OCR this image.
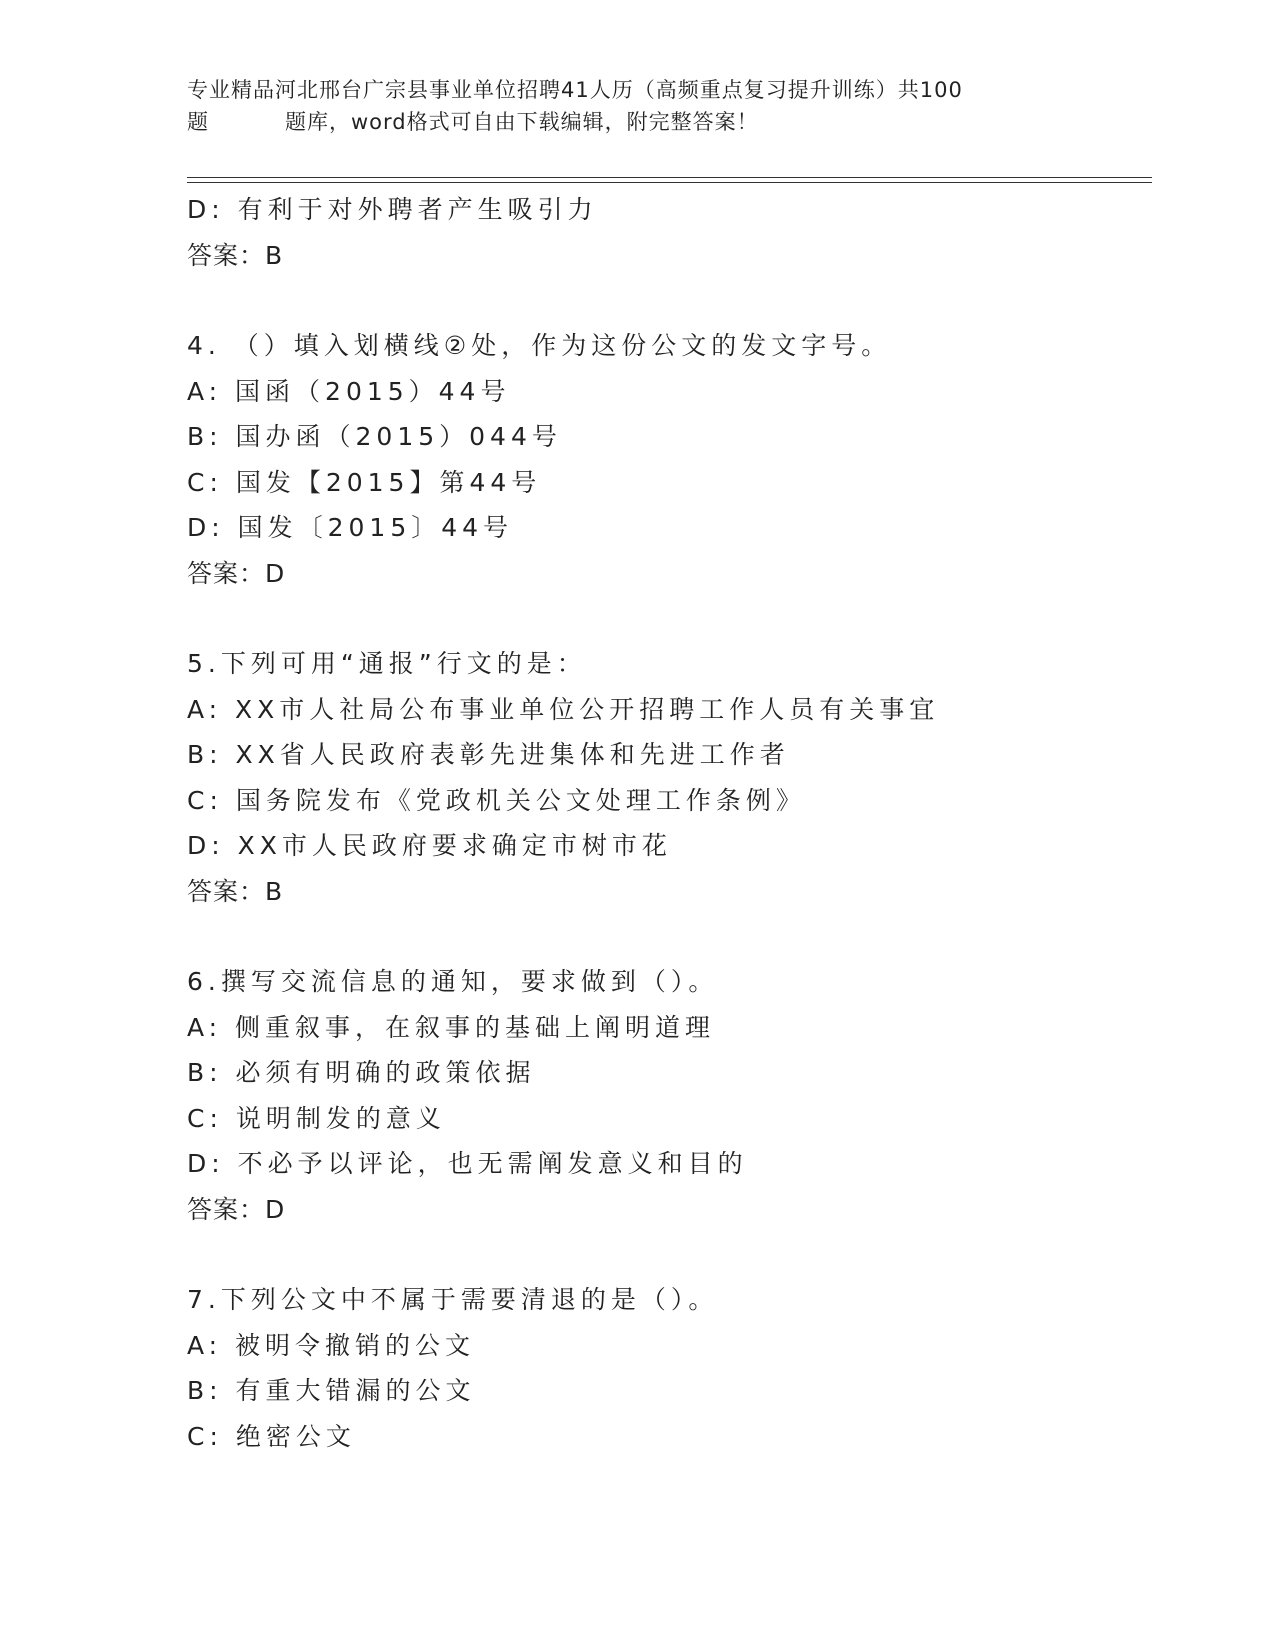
专业精品河北邢台广宗县事业单位招聘41人历（高频重点复习提升训练）共100
题	题库，word格式可自由下载编辑，附完整答案！
D: 有利于对外聘者产生吸引力
答案：B
4. （）填入划横线②处，作为这份公文的发文字号。
A: 国函（2015）44号
B: 国办函（2015）044号
C: 国发【2015】第44号
D: 国发〔2015〕44号
答案：D
5.下列可用“通报”行文的是：
A: XX市人社局公布事业单位公开招聘工作人员有关事宜
B: XX省人民政府表彰先进集体和先进工作者
C: 国务院发布《党政机关公文处理工作条例》
D: XX市人民政府要求确定市树市花
答案：B
6.撰写交流信息的通知，要求做到（）。
A: 侧重叙事，在叙事的基础上阐明道理
B: 必须有明确的政策依据
C: 说明制发的意义
D: 不必予以评论，也无需阐发意义和目的
答案：D
7.下列公文中不属于需要清退的是（）。
A: 被明令撤销的公文
B: 有重大错漏的公文
C: 绝密公文
